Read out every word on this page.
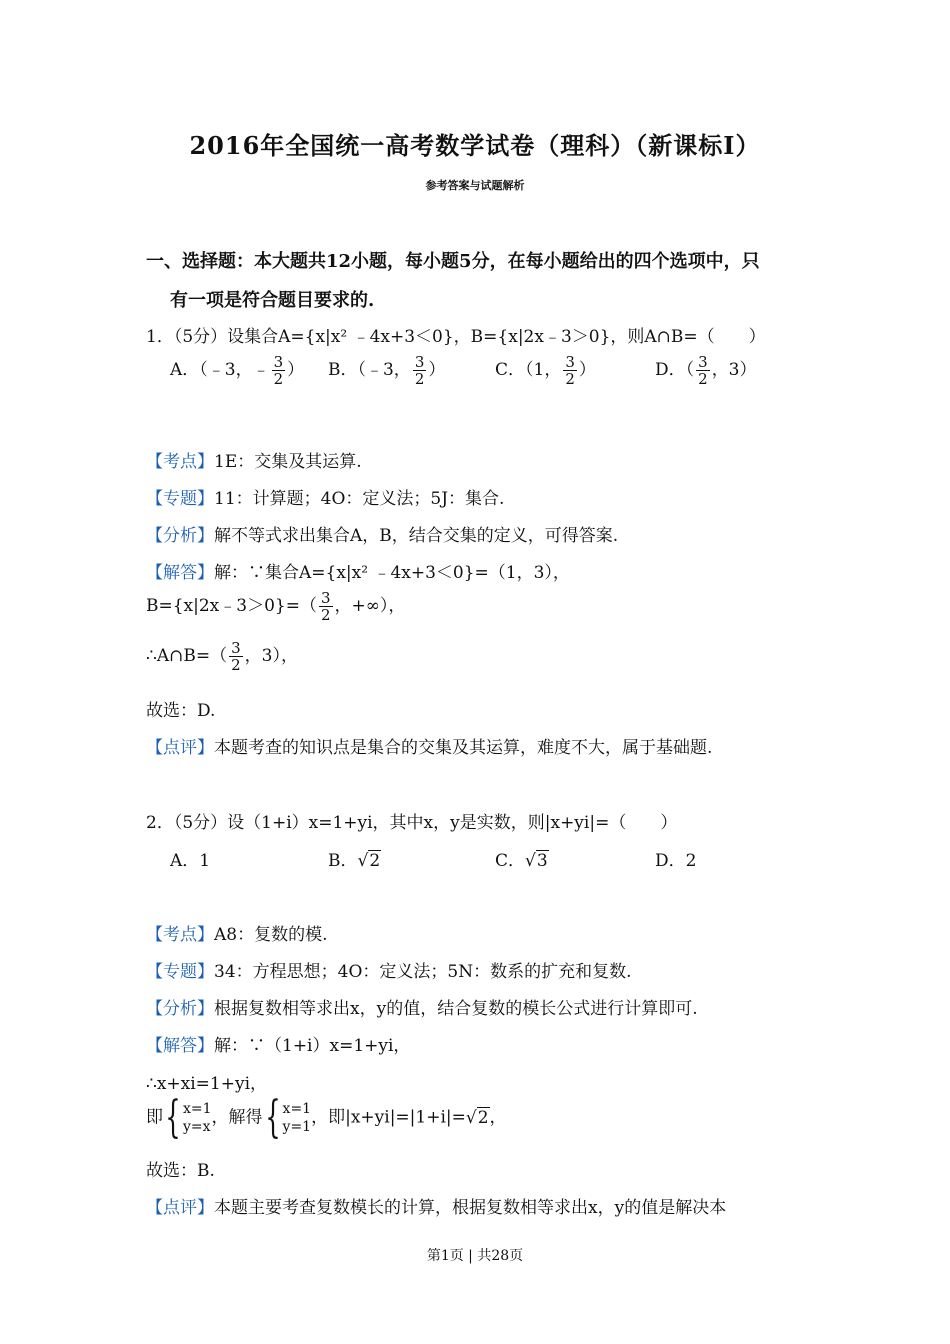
2016年全国统一高考数学试卷（理科）（新课标Ⅰ）
参考答案与试题解析
一、选择题：本大题共12小题，每小题5分，在每小题给出的四个选项中，只
有一项是符合题目要求的.
1．（5分）设集合A={x|x² ﹣4x+3＜0}，B={x|2x﹣3＞0}，则A∩B=（　　）
A．（﹣3，﹣ $\frac{3}{2}$ ） B．（﹣3， $\frac{3}{2}$ ）	C．（1， $\frac{3}{2}$ ）	D．（ $\frac{3}{2}$ ，3）
【考点】1E：交集及其运算.
【专题】11：计算题；4O：定义法；5J：集合.
【分析】解不等式求出集合A，B，结合交集的定义，可得答案.
【解答】解：∵集合A={x|x² ﹣4x+3＜0}=（1，3），
B={x|2x﹣3＞0}=（ $\frac{3}{2}$ ，+∞），
∴A∩B=（ $\frac{3}{2}$ ，3），
故选：D.
【点评】本题考查的知识点是集合的交集及其运算，难度不大，属于基础题.
2．（5分）设（1+i）x=1+yi，其中x，y是实数，则|x+yi|=（　　）
A．1	B．√2	C．√3	D．2
【考点】A8：复数的模.
【专题】34：方程思想；4O：定义法；5N：数系的扩充和复数.
【分析】根据复数相等求出x，y的值，结合复数的模长公式进行计算即可.
【解答】解：∵（1+i）x=1+yi，
∴x+xi=1+yi，
即{ x=1
y=x ，解得{ x=1
y=1 ，即|x+yi|=|1+i|=√2，
故选：B.
【点评】本题主要考查复数模长的计算，根据复数相等求出x，y的值是解决本
第1页 | 共28页
